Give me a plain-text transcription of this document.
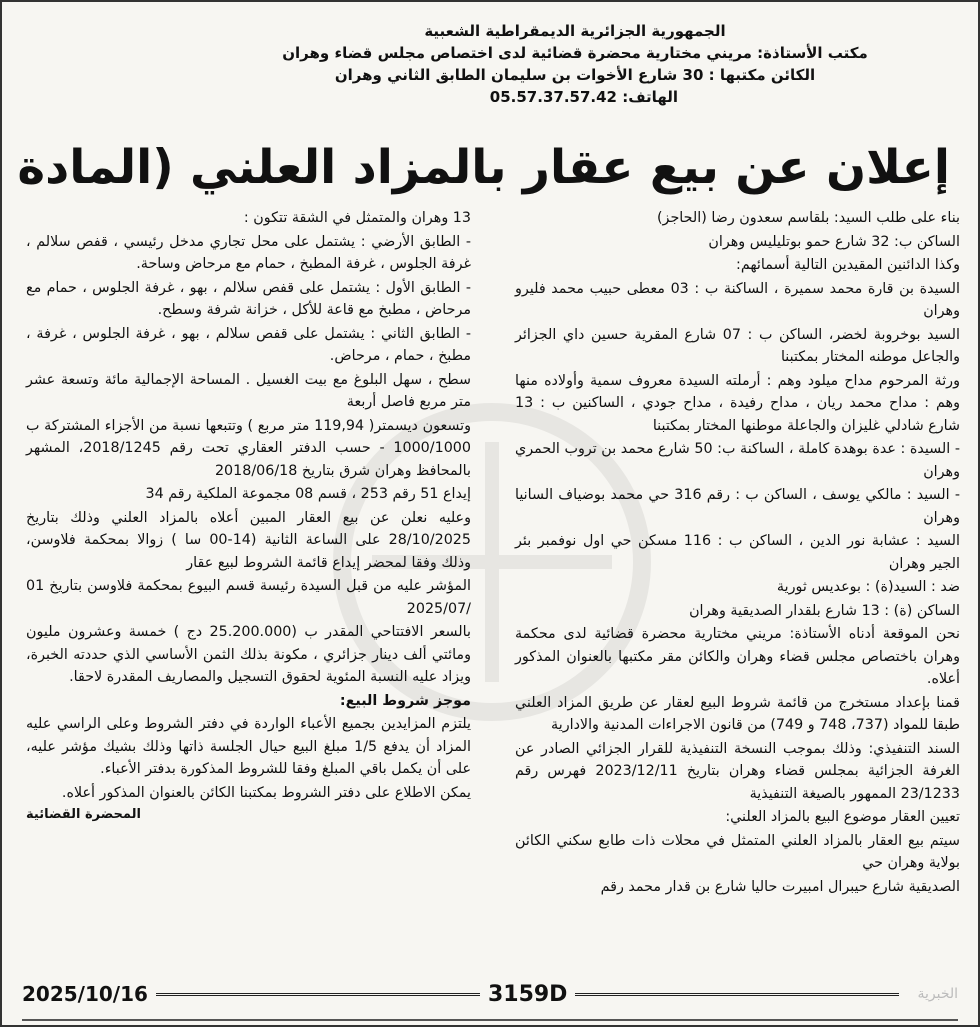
الجمهورية الجزائرية الديمقراطية الشعبية
مكتب الأستاذة: مريني مختارية محضرة قضائية لدى اختصاص مجلس قضاء وهران
الكائن مكتبها : 30 شارع الأخوات بن سليمان الطابق الثاني وهران
الهاتف: 05.57.37.57.42
إعلان عن بيع عقار بالمزاد العلني (المادة

بناء على طلب السيد: بلقاسم سعدون رضا (الحاجز)

الساكن ب: 32 شارع حمو بوتليليس وهران

وكذا الدائنين المقيدين التالية أسمائهم:

السيدة بن قارة محمد سميرة ، الساكنة ب : 03 معطى حبيب محمد فليرو وهران

السيد بوخروبة لخضر، الساكن ب : 07 شارع المقرية حسين داي الجزائر والجاعل موطنه المختار بمكتبنا

ورثة المرحوم مداح ميلود وهم : أرملته السيدة معروف سمية وأولاده منها وهم : مداح محمد ريان ، مداح رفيدة ، مداح جودي ، الساكنين ب : 13 شارع شادلي غليزان والجاعلة موطنها المختار بمكتبنا

- السيدة : عدة بوهدة كاملة ، الساكنة ب: 50 شارع محمد بن تروب الحمري وهران

- السيد : مالكي يوسف ، الساكن ب : رقم 316 حي محمد بوضياف السانيا وهران

السيد : عشابة نور الدين ، الساكن ب : 116 مسكن حي اول نوفمبر بئر الجير وهران

ضد : السيد(ة) : بوعديس ثورية

الساكن (ة) : 13 شارع بلقدار الصديقية وهران

نحن الموقعة أدناه الأستاذة: مريني مختارية محضرة قضائية لدى محكمة وهران باختصاص مجلس قضاء وهران والكائن مقر مكتبها بالعنوان المذكور أعلاه.

قمنا بإعداد مستخرج من قائمة شروط البيع لعقار عن طريق المزاد العلني طبقا للمواد (737، 748 و 749) من قانون الاجراءات المدنية والادارية

السند التنفيذي: وذلك بموجب النسخة التنفيذية للقرار الجزائي الصادر عن الغرفة الجزائية بمجلس قضاء وهران بتاريخ 2023/12/11 فهرس رقم 23/1233 الممهور بالصيغة التنفيذية

تعيين العقار موضوع البيع بالمزاد العلني:

سيتم بيع العقار بالمزاد العلني المتمثل في محلات ذات طابع سكني الكائن بولاية وهران حي

الصديقية شارع حيبرال امبيرت حاليا شارع بن قدار محمد رقم

13 وهران والمتمثل في الشقة تتكون :

- الطابق الأرضي : يشتمل على محل تجاري مدخل رئيسي ، قفص سلالم ، غرفة الجلوس ، غرفة المطبخ ، حمام مع مرحاض وساحة.

- الطابق الأول : يشتمل على قفص سلالم ، بهو ، غرفة الجلوس ، حمام مع مرحاض ، مطبخ مع قاعة للأكل ، خزانة شرفة وسطح.

- الطابق الثاني : يشتمل على قفص سلالم ، بهو ، غرفة الجلوس ، غرفة ، مطبخ ، حمام ، مرحاض.

سطح ، سهل البلوغ مع بيت الغسيل . المساحة الإجمالية مائة وتسعة عشر متر مربع فاصل أربعة

وتسعون ديسمتر( 119,94 متر مربع ) وتتبعها نسبة من الأجزاء المشتركة ب 1000/1000 - حسب الدفتر العقاري تحت رقم 2018/1245، المشهر بالمحافظ وهران شرق بتاريخ 2018/06/18

إيداع 51 رقم 253 ، قسم 08 مجموعة الملكية رقم 34

وعليه نعلن عن بيع العقار المبين أعلاه بالمزاد العلني وذلك بتاريخ 28/10/2025 على الساعة الثانية (14-00 سا ) زوالا بمحكمة فلاوسن، وذلك وفقا لمحضر إيداع قائمة الشروط لبيع عقار

المؤشر عليه من قبل السيدة رئيسة قسم البيوع بمحكمة فلاوسن بتاريخ 01 /2025/07

بالسعر الافتتاحي المقدر ب (25.200.000 دج ) خمسة وعشرون مليون ومائتي ألف دينار جزائري ، مكونة بذلك الثمن الأساسي الذي حددته الخبرة، ويزاد عليه النسبة المئوية لحقوق التسجيل والمصاريف المقدرة لاحقا.

موجز شروط البيع:

يلتزم المزايدين بجميع الأعباء الواردة في دفتر الشروط وعلى الراسي عليه المزاد أن يدفع 1/5 مبلغ البيع حيال الجلسة ذاتها وذلك بشيك مؤشر عليه، على أن يكمل باقي المبلغ وفقا للشروط المذكورة بدفتر الأعباء.

يمكن الاطلاع على دفتر الشروط بمكتبنا الكائن بالعنوان المذكور أعلاه.
المحضرة القضائية
2025/10/16	3159D	الخبرية
